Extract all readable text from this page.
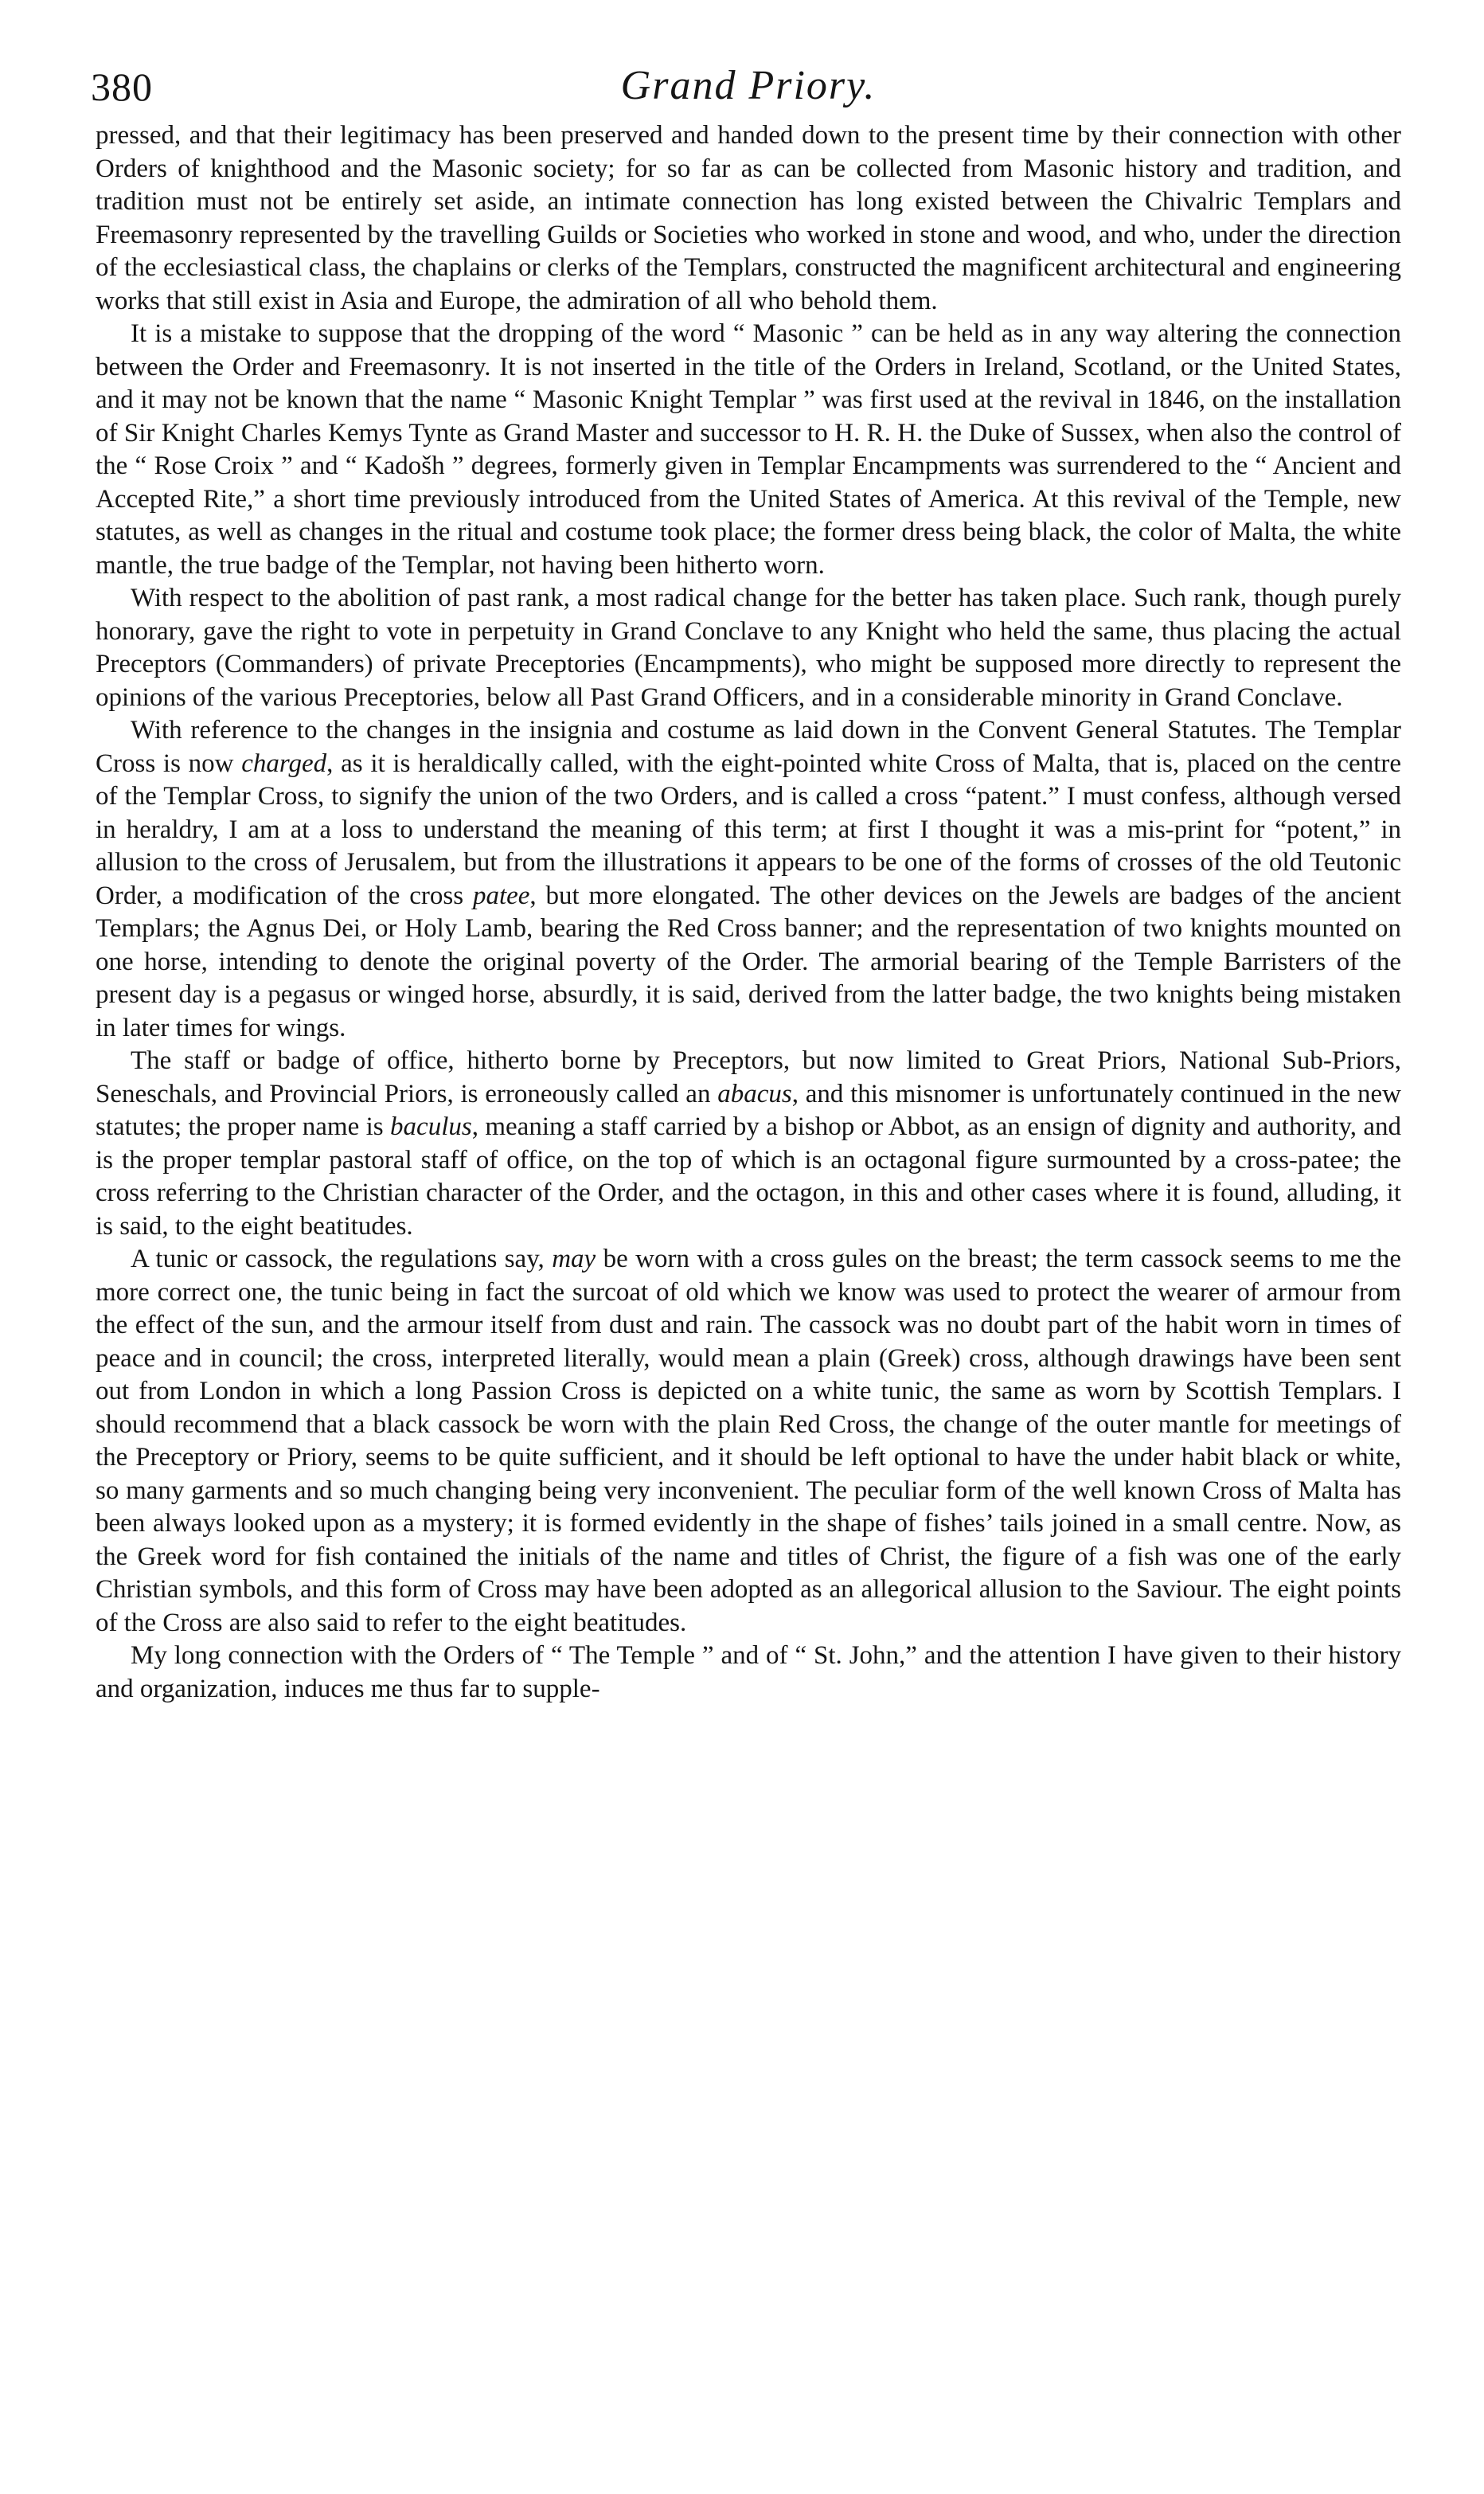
380	Grand Priory.

pressed, and that their legitimacy has been preserved and handed down to the present time by their connection with other Orders of knighthood and the Masonic society; for so far as can be collected from Masonic history and tradition, and tradition must not be entirely set aside, an intimate connection has long existed between the Chivalric Templars and Freemasonry represented by the travelling Guilds or Societies who worked in stone and wood, and who, under the direction of the ecclesiastical class, the chaplains or clerks of the Templars, constructed the magnificent architectural and engineering works that still exist in Asia and Europe, the admiration of all who behold them.

It is a mistake to suppose that the dropping of the word “ Masonic ” can be held as in any way altering the connection between the Order and Freemasonry. It is not inserted in the title of the Orders in Ireland, Scotland, or the United States, and it may not be known that the name “ Masonic Knight Templar ” was first used at the revival in 1846, on the installation of Sir Knight Charles Kemys Tynte as Grand Master and successor to H. R. H. the Duke of Sussex, when also the control of the “ Rose Croix ” and “ Kadošh ” degrees, formerly given in Templar Encampments was surrendered to the “ Ancient and Accepted Rite,” a short time previously introduced from the United States of America. At this revival of the Temple, new statutes, as well as changes in the ritual and costume took place; the former dress being black, the color of Malta, the white mantle, the true badge of the Templar, not having been hitherto worn.

With respect to the abolition of past rank, a most radical change for the better has taken place. Such rank, though purely honorary, gave the right to vote in perpetuity in Grand Conclave to any Knight who held the same, thus placing the actual Preceptors (Commanders) of private Preceptories (Encampments), who might be supposed more directly to represent the opinions of the various Preceptories, below all Past Grand Officers, and in a considerable minority in Grand Conclave.

With reference to the changes in the insignia and costume as laid down in the Convent General Statutes. The Templar Cross is now charged, as it is heraldically called, with the eight-pointed white Cross of Malta, that is, placed on the centre of the Templar Cross, to signify the union of the two Orders, and is called a cross “patent.” I must confess, although versed in heraldry, I am at a loss to understand the meaning of this term; at first I thought it was a mis-print for “potent,” in allusion to the cross of Jerusalem, but from the illustrations it appears to be one of the forms of crosses of the old Teutonic Order, a modification of the cross patee, but more elongated. The other devices on the Jewels are badges of the ancient Templars; the Agnus Dei, or Holy Lamb, bearing the Red Cross banner; and the representation of two knights mounted on one horse, intending to denote the original poverty of the Order. The armorial bearing of the Temple Barristers of the present day is a pegasus or winged horse, absurdly, it is said, derived from the latter badge, the two knights being mistaken in later times for wings.

The staff or badge of office, hitherto borne by Preceptors, but now limited to Great Priors, National Sub-Priors, Seneschals, and Provincial Priors, is erroneously called an abacus, and this misnomer is unfortunately continued in the new statutes; the proper name is baculus, meaning a staff carried by a bishop or Abbot, as an ensign of dignity and authority, and is the proper templar pastoral staff of office, on the top of which is an octagonal figure surmounted by a cross-patee; the cross referring to the Christian character of the Order, and the octagon, in this and other cases where it is found, alluding, it is said, to the eight beatitudes.

A tunic or cassock, the regulations say, may be worn with a cross gules on the breast; the term cassock seems to me the more correct one, the tunic being in fact the surcoat of old which we know was used to protect the wearer of armour from the effect of the sun, and the armour itself from dust and rain. The cassock was no doubt part of the habit worn in times of peace and in council; the cross, interpreted literally, would mean a plain (Greek) cross, although drawings have been sent out from London in which a long Passion Cross is depicted on a white tunic, the same as worn by Scottish Templars. I should recommend that a black cassock be worn with the plain Red Cross, the change of the outer mantle for meetings of the Preceptory or Priory, seems to be quite sufficient, and it should be left optional to have the under habit black or white, so many garments and so much changing being very inconvenient. The peculiar form of the well known Cross of Malta has been always looked upon as a mystery; it is formed evidently in the shape of fishes’ tails joined in a small centre. Now, as the Greek word for fish contained the initials of the name and titles of Christ, the figure of a fish was one of the early Christian symbols, and this form of Cross may have been adopted as an allegorical allusion to the Saviour. The eight points of the Cross are also said to refer to the eight beatitudes.

My long connection with the Orders of “ The Temple ” and of “ St. John,” and the attention I have given to their history and organization, induces me thus far to supple-
